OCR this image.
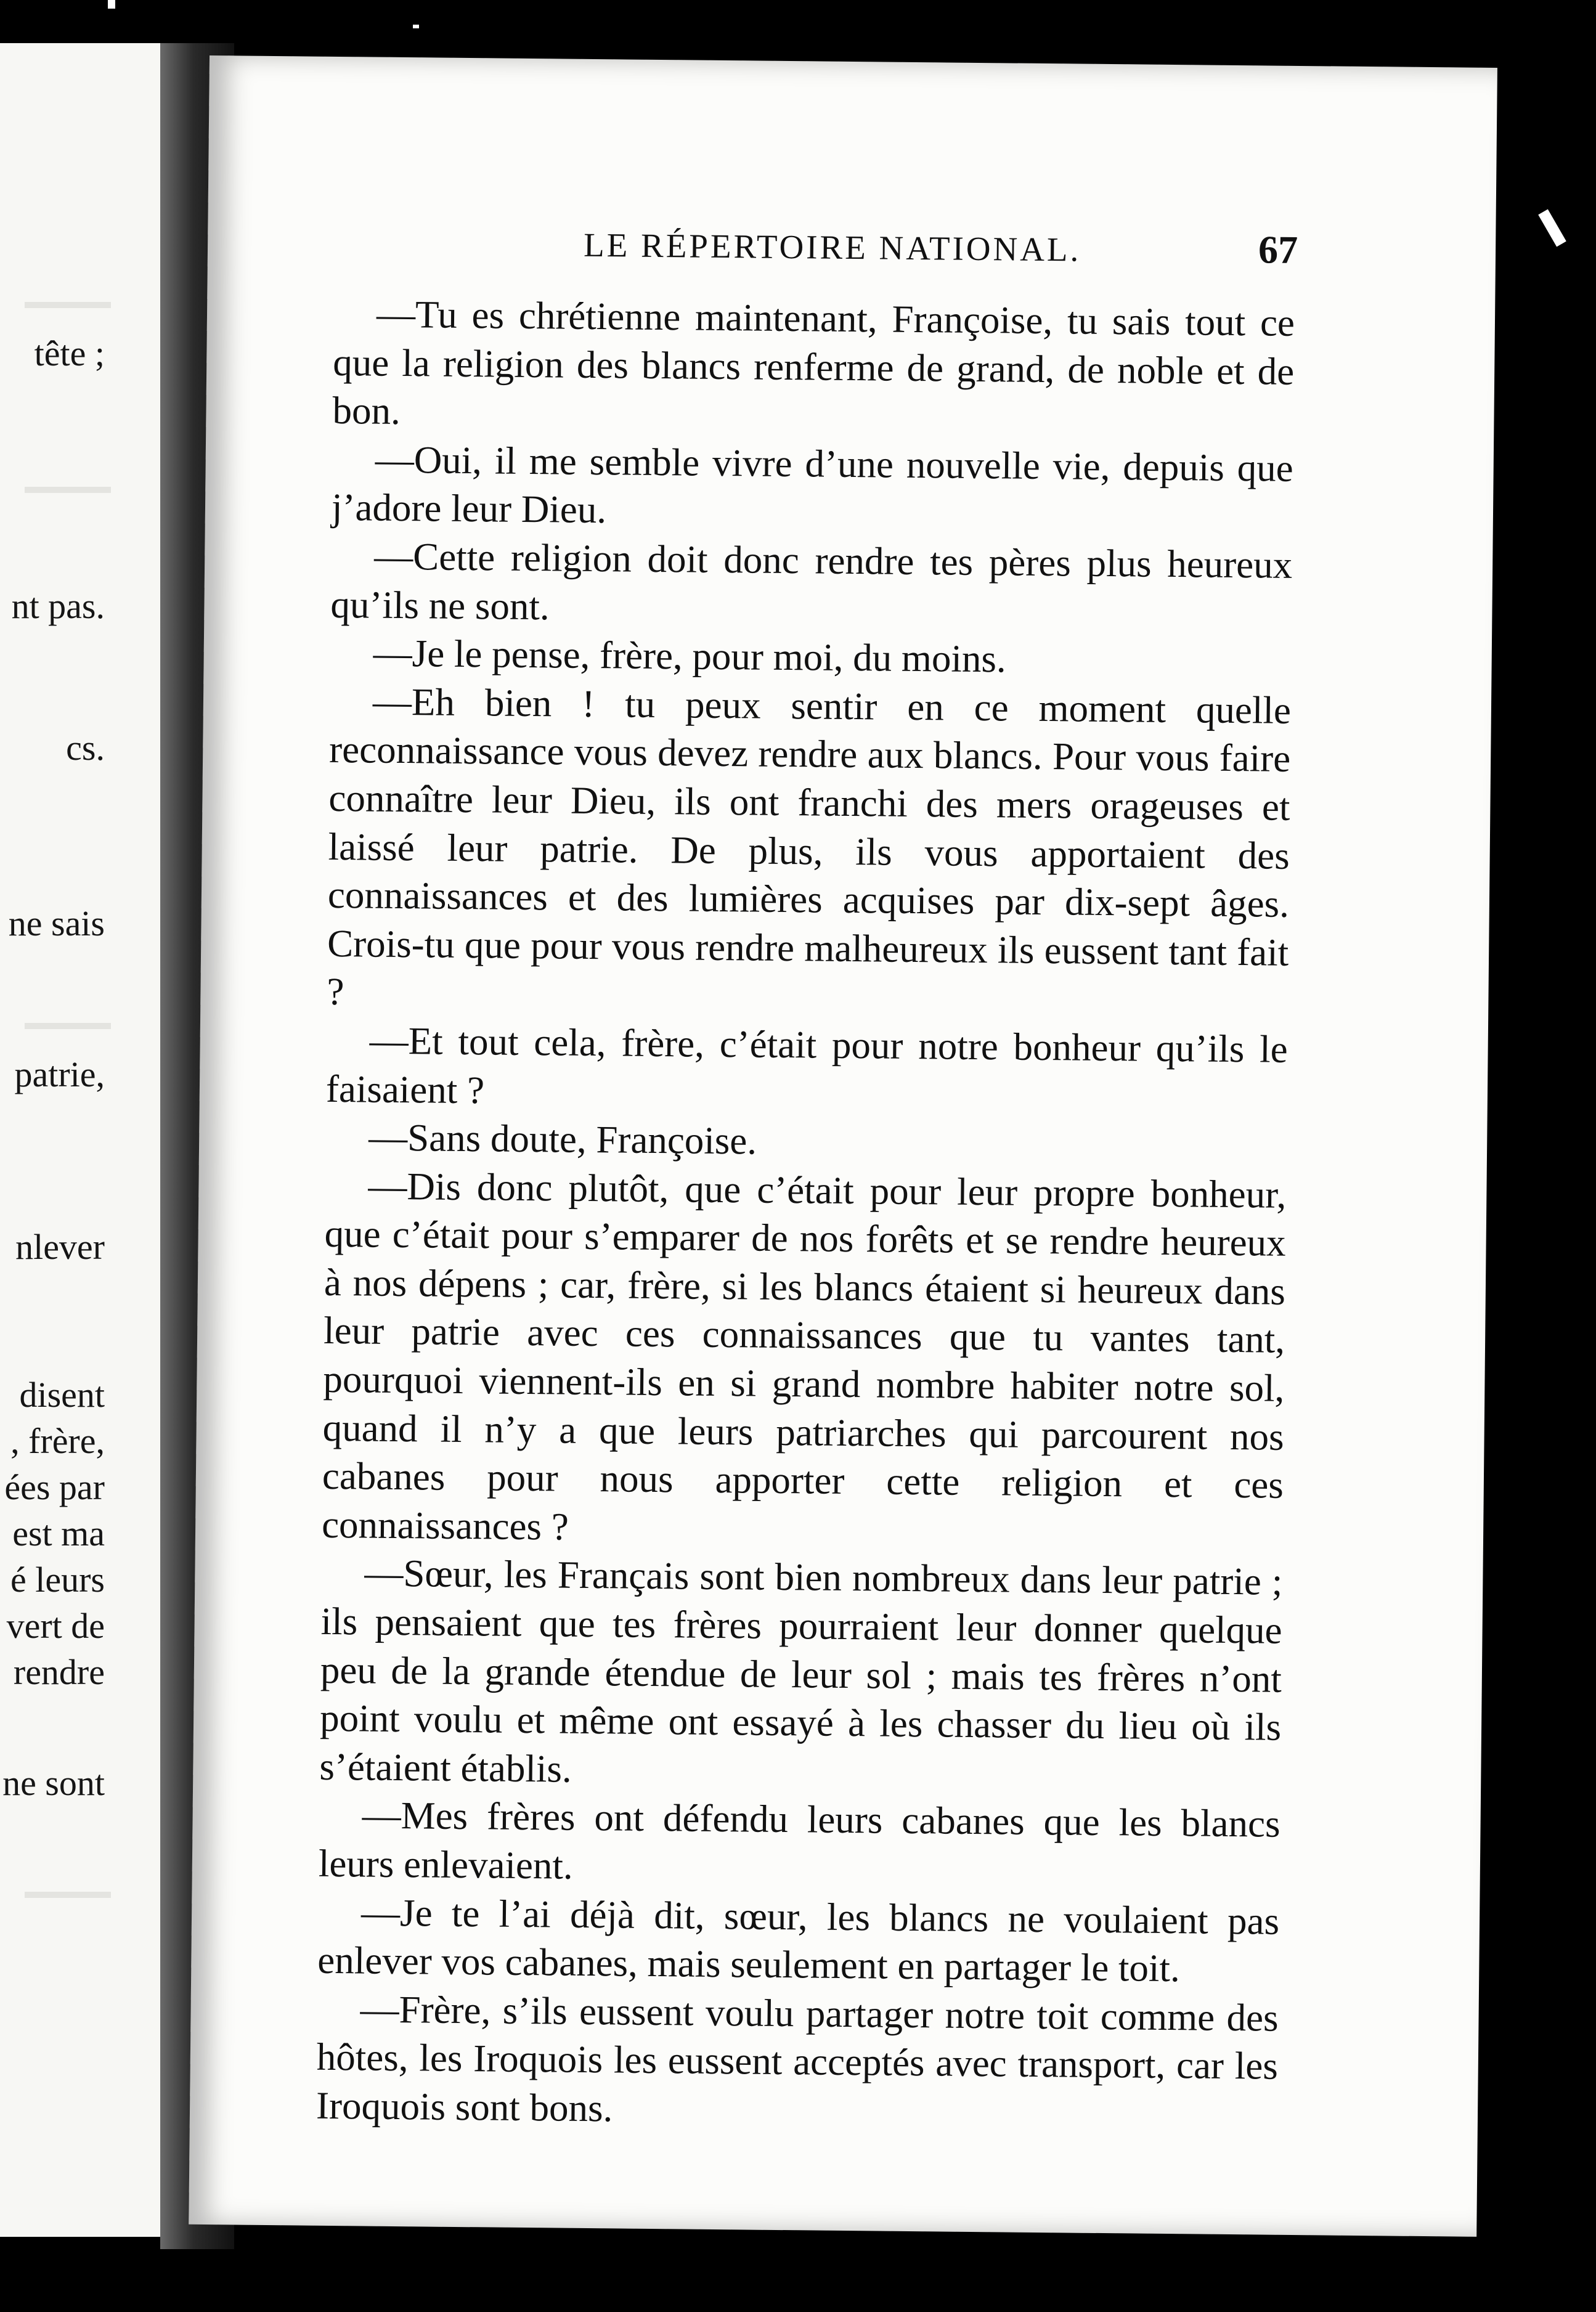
tête ;
nt pas.
cs.
ne sais
patrie,
nlever
disent
, frère,
ées par
est ma
é leurs
vert de
rendre
ne sont
LE RÉPERTOIRE NATIONAL.	67

—Tu es chrétienne maintenant, Françoise, tu sais tout ce que la religion des blancs renferme de grand, de noble et de bon.

—Oui, il me semble vivre d’une nouvelle vie, depuis que j’adore leur Dieu.

—Cette religion doit donc rendre tes pères plus heureux qu’ils ne sont.

—Je le pense, frère, pour moi, du moins.

—Eh bien ! tu peux sentir en ce moment quelle reconnaissance vous devez rendre aux blancs. Pour vous faire connaître leur Dieu, ils ont franchi des mers orageuses et laissé leur patrie. De plus, ils vous apportaient des connaissances et des lumières acquises par dix-sept âges. Crois-tu que pour vous rendre malheureux ils eussent tant fait ?

—Et tout cela, frère, c’était pour notre bonheur qu’ils le faisaient ?

—Sans doute, Françoise.

—Dis donc plutôt, que c’était pour leur propre bonheur, que c’était pour s’emparer de nos forêts et se rendre heureux à nos dépens ; car, frère, si les blancs étaient si heureux dans leur patrie avec ces connaissances que tu vantes tant, pourquoi viennent-ils en si grand nombre habiter notre sol, quand il n’y a que leurs patriarches qui parcourent nos cabanes pour nous apporter cette religion et ces connaissances ?

—Sœur, les Français sont bien nombreux dans leur patrie ; ils pensaient que tes frères pourraient leur donner quelque peu de la grande étendue de leur sol ; mais tes frères n’ont point voulu et même ont essayé à les chasser du lieu où ils s’étaient établis.

—Mes frères ont défendu leurs cabanes que les blancs leurs enlevaient.

—Je te l’ai déjà dit, sœur, les blancs ne voulaient pas enlever vos cabanes, mais seulement en partager le toit.

—Frère, s’ils eussent voulu partager notre toit comme des hôtes, les Iroquois les eussent acceptés avec transport, car les Iroquois sont bons.
